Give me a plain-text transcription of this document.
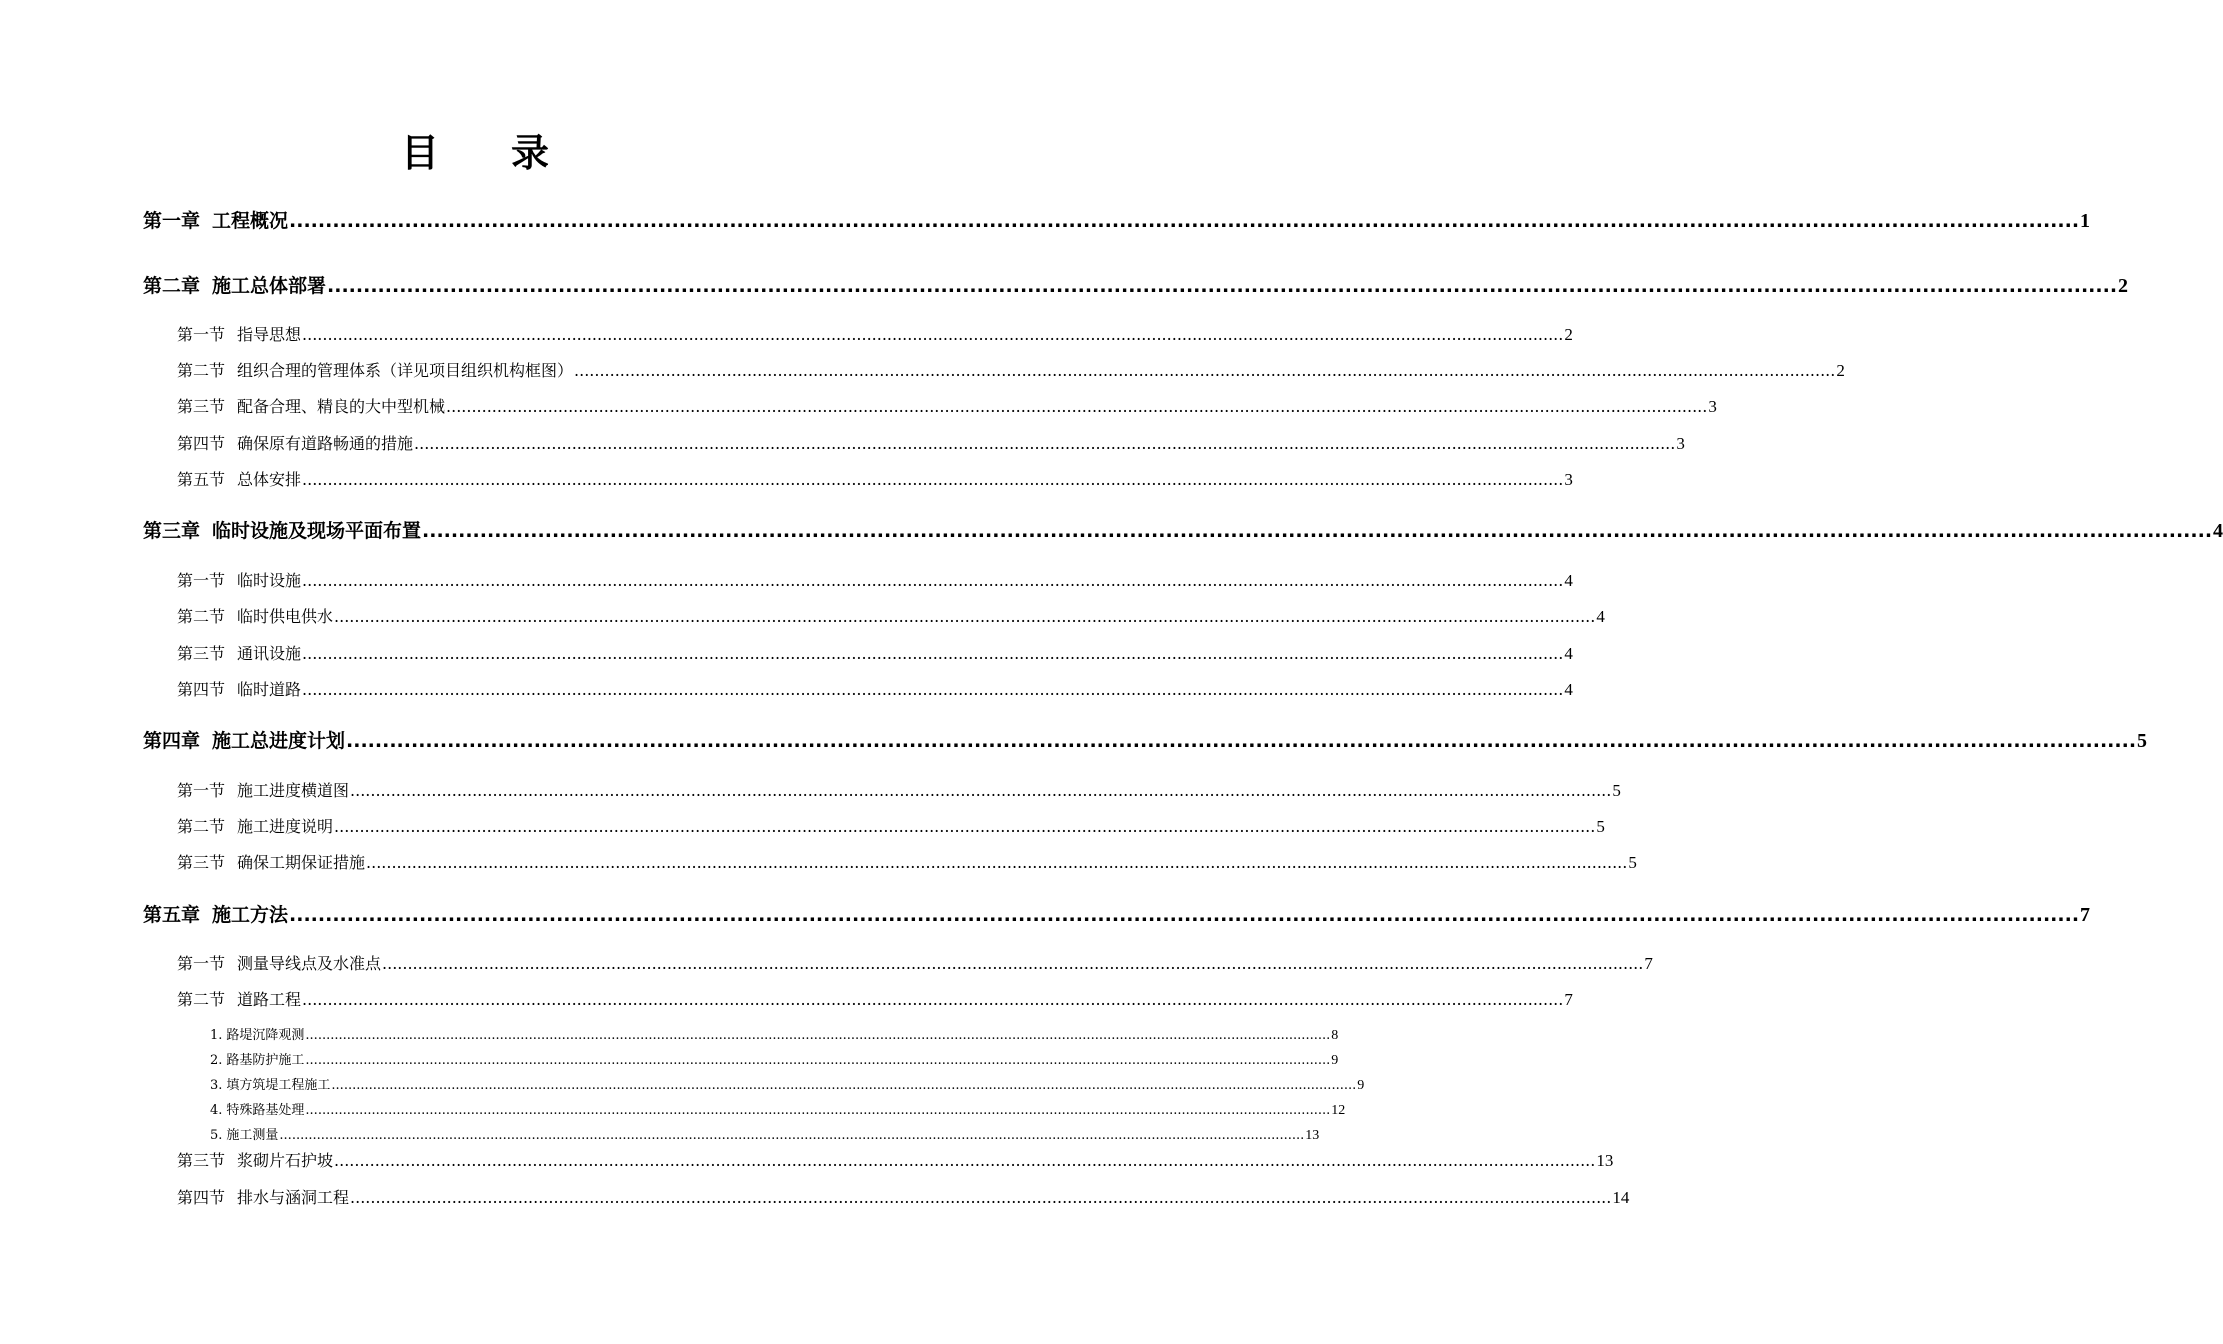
目录
第一章 工程概况 ........................................................................................................................................................................................................................................................ 1
第二章 施工总体部署 ........................................................................................................................................................................................................................................................ 2
第一节 指导思想 ........................................................................................................................................................................................................................................................ 2
第二节 组织合理的管理体系（详见项目组织机构框图） ........................................................................................................................................................................................................................................................ 2
第三节 配备合理、精良的大中型机械 ........................................................................................................................................................................................................................................................ 3
第四节 确保原有道路畅通的措施 ........................................................................................................................................................................................................................................................ 3
第五节 总体安排 ........................................................................................................................................................................................................................................................ 3
第三章 临时设施及现场平面布置 ........................................................................................................................................................................................................................................................ 4
第一节 临时设施 ........................................................................................................................................................................................................................................................ 4
第二节 临时供电供水 ........................................................................................................................................................................................................................................................ 4
第三节 通讯设施 ........................................................................................................................................................................................................................................................ 4
第四节 临时道路 ........................................................................................................................................................................................................................................................ 4
第四章 施工总进度计划 ........................................................................................................................................................................................................................................................ 5
第一节 施工进度横道图 ........................................................................................................................................................................................................................................................ 5
第二节 施工进度说明 ........................................................................................................................................................................................................................................................ 5
第三节 确保工期保证措施 ........................................................................................................................................................................................................................................................ 5
第五章 施工方法 ........................................................................................................................................................................................................................................................ 7
第一节 测量导线点及水准点 ........................................................................................................................................................................................................................................................ 7
第二节 道路工程 ........................................................................................................................................................................................................................................................ 7
1. 路堤沉降观测 ........................................................................................................................................................................................................................................................ 8
2. 路基防护施工 ........................................................................................................................................................................................................................................................ 9
3. 填方筑堤工程施工 ........................................................................................................................................................................................................................................................ 9
4. 特殊路基处理 ........................................................................................................................................................................................................................................................ 12
5. 施工测量 ........................................................................................................................................................................................................................................................ 13
第三节 浆砌片石护坡 ........................................................................................................................................................................................................................................................ 13
第四节 排水与涵洞工程 ........................................................................................................................................................................................................................................................ 14
